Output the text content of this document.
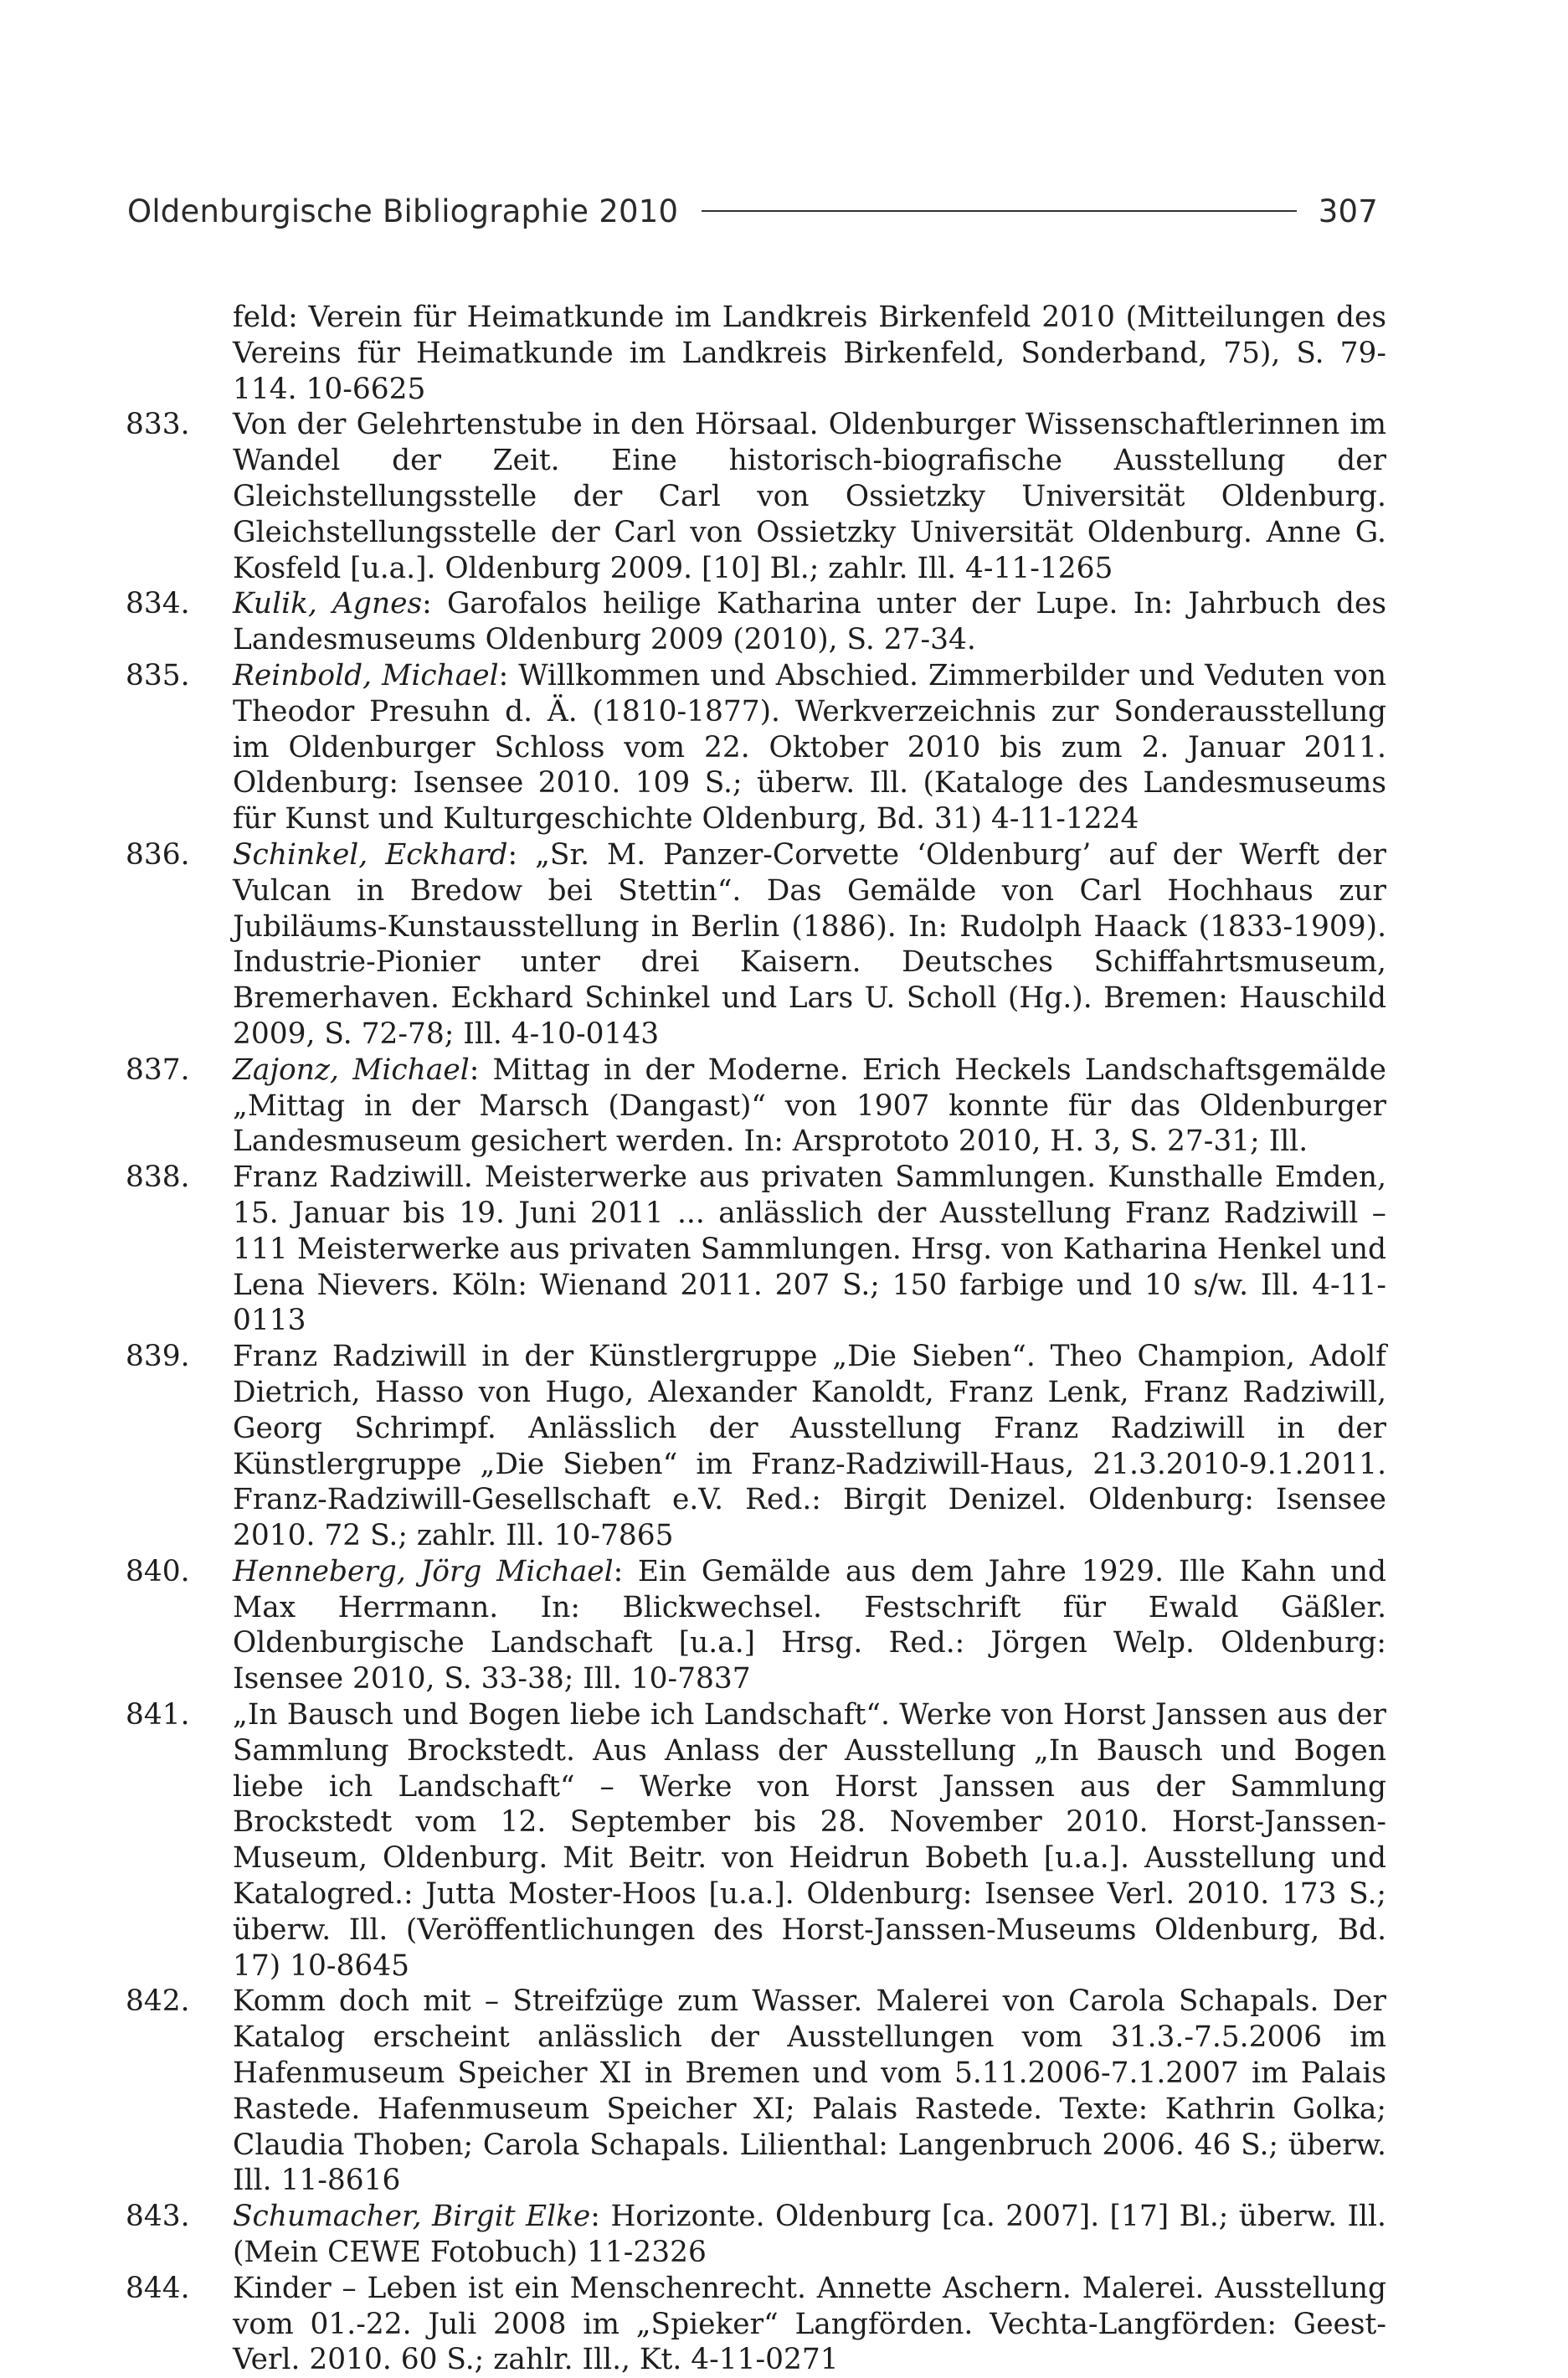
Oldenburgische Bibliographie 2010	307
feld: Verein für Heimatkunde im Landkreis Birkenfeld 2010 (Mitteilungen des Vereins für Heimatkunde im Landkreis Birkenfeld, Sonderband, 75), S. 79-114. 10-6625
833.	Von der Gelehrtenstube in den Hörsaal. Oldenburger Wissenschaftlerinnen im Wandel der Zeit. Eine historisch-biografische Ausstellung der Gleichstellungsstelle der Carl von Ossietzky Universität Oldenburg. Gleichstellungsstelle der Carl von Ossietzky Universität Oldenburg. Anne G. Kosfeld [u.a.]. Oldenburg 2009. [10] Bl.; zahlr. Ill. 4-11-1265
834.	Kulik, Agnes: Garofalos heilige Katharina unter der Lupe. In: Jahrbuch des Landesmuseums Oldenburg 2009 (2010), S. 27-34.
835.	Reinbold, Michael: Willkommen und Abschied. Zimmerbilder und Veduten von Theodor Presuhn d. Ä. (1810-1877). Werkverzeichnis zur Sonderausstellung im Oldenburger Schloss vom 22. Oktober 2010 bis zum 2. Januar 2011. Oldenburg: Isensee 2010. 109 S.; überw. Ill. (Kataloge des Landesmuseums für Kunst und Kulturgeschichte Oldenburg, Bd. 31) 4-11-1224
836.	Schinkel, Eckhard: „Sr. M. Panzer-Corvette ‘Oldenburg’ auf der Werft der Vulcan in Bredow bei Stettin“. Das Gemälde von Carl Hochhaus zur Jubiläums-Kunstausstellung in Berlin (1886). In: Rudolph Haack (1833-1909). Industrie-Pionier unter drei Kaisern. Deutsches Schiffahrtsmuseum, Bremerhaven. Eckhard Schinkel und Lars U. Scholl (Hg.). Bremen: Hauschild 2009, S. 72-78; Ill. 4-10-0143
837.	Zajonz, Michael: Mittag in der Moderne. Erich Heckels Landschaftsgemälde „Mittag in der Marsch (Dangast)“ von 1907 konnte für das Oldenburger Landesmuseum gesichert werden. In: Arsprototo 2010, H. 3, S. 27-31; Ill.
838.	Franz Radziwill. Meisterwerke aus privaten Sammlungen. Kunsthalle Emden, 15. Januar bis 19. Juni 2011 ... anlässlich der Ausstellung Franz Radziwill – 111 Meisterwerke aus privaten Sammlungen. Hrsg. von Katharina Henkel und Lena Nievers. Köln: Wienand 2011. 207 S.; 150 farbige und 10 s/w. Ill. 4-11-0113
839.	Franz Radziwill in der Künstlergruppe „Die Sieben“. Theo Champion, Adolf Dietrich, Hasso von Hugo, Alexander Kanoldt, Franz Lenk, Franz Radziwill, Georg Schrimpf. Anlässlich der Ausstellung Franz Radziwill in der Künstlergruppe „Die Sieben“ im Franz-Radziwill-Haus, 21.3.2010-9.1.2011. Franz-Radziwill-Gesellschaft e.V. Red.: Birgit Denizel. Oldenburg: Isensee 2010. 72 S.; zahlr. Ill. 10-7865
840.	Henneberg, Jörg Michael: Ein Gemälde aus dem Jahre 1929. Ille Kahn und Max Herrmann. In: Blickwechsel. Festschrift für Ewald Gäßler. Oldenburgische Landschaft [u.a.] Hrsg. Red.: Jörgen Welp. Oldenburg: Isensee 2010, S. 33-38; Ill. 10-7837
841.	„In Bausch und Bogen liebe ich Landschaft“. Werke von Horst Janssen aus der Sammlung Brockstedt. Aus Anlass der Ausstellung „In Bausch und Bogen liebe ich Landschaft“ – Werke von Horst Janssen aus der Sammlung Brockstedt vom 12. September bis 28. November 2010. Horst-Janssen-Museum, Oldenburg. Mit Beitr. von Heidrun Bobeth [u.a.]. Ausstellung und Katalogred.: Jutta Moster-Hoos [u.a.]. Oldenburg: Isensee Verl. 2010. 173 S.; überw. Ill. (Veröffentlichungen des Horst-Janssen-Museums Oldenburg, Bd. 17) 10-8645
842.	Komm doch mit – Streifzüge zum Wasser. Malerei von Carola Schapals. Der Katalog erscheint anlässlich der Ausstellungen vom 31.3.-7.5.2006 im Hafenmuseum Speicher XI in Bremen und vom 5.11.2006-7.1.2007 im Palais Rastede. Hafenmuseum Speicher XI; Palais Rastede. Texte: Kathrin Golka; Claudia Thoben; Carola Schapals. Lilienthal: Langenbruch 2006. 46 S.; überw. Ill. 11-8616
843.	Schumacher, Birgit Elke: Horizonte. Oldenburg [ca. 2007]. [17] Bl.; überw. Ill. (Mein CEWE Fotobuch) 11-2326
844.	Kinder – Leben ist ein Menschenrecht. Annette Aschern. Malerei. Ausstellung vom 01.-22. Juli 2008 im „Spieker“ Langförden. Vechta-Langförden: Geest-Verl. 2010. 60 S.; zahlr. Ill., Kt. 4-11-0271
